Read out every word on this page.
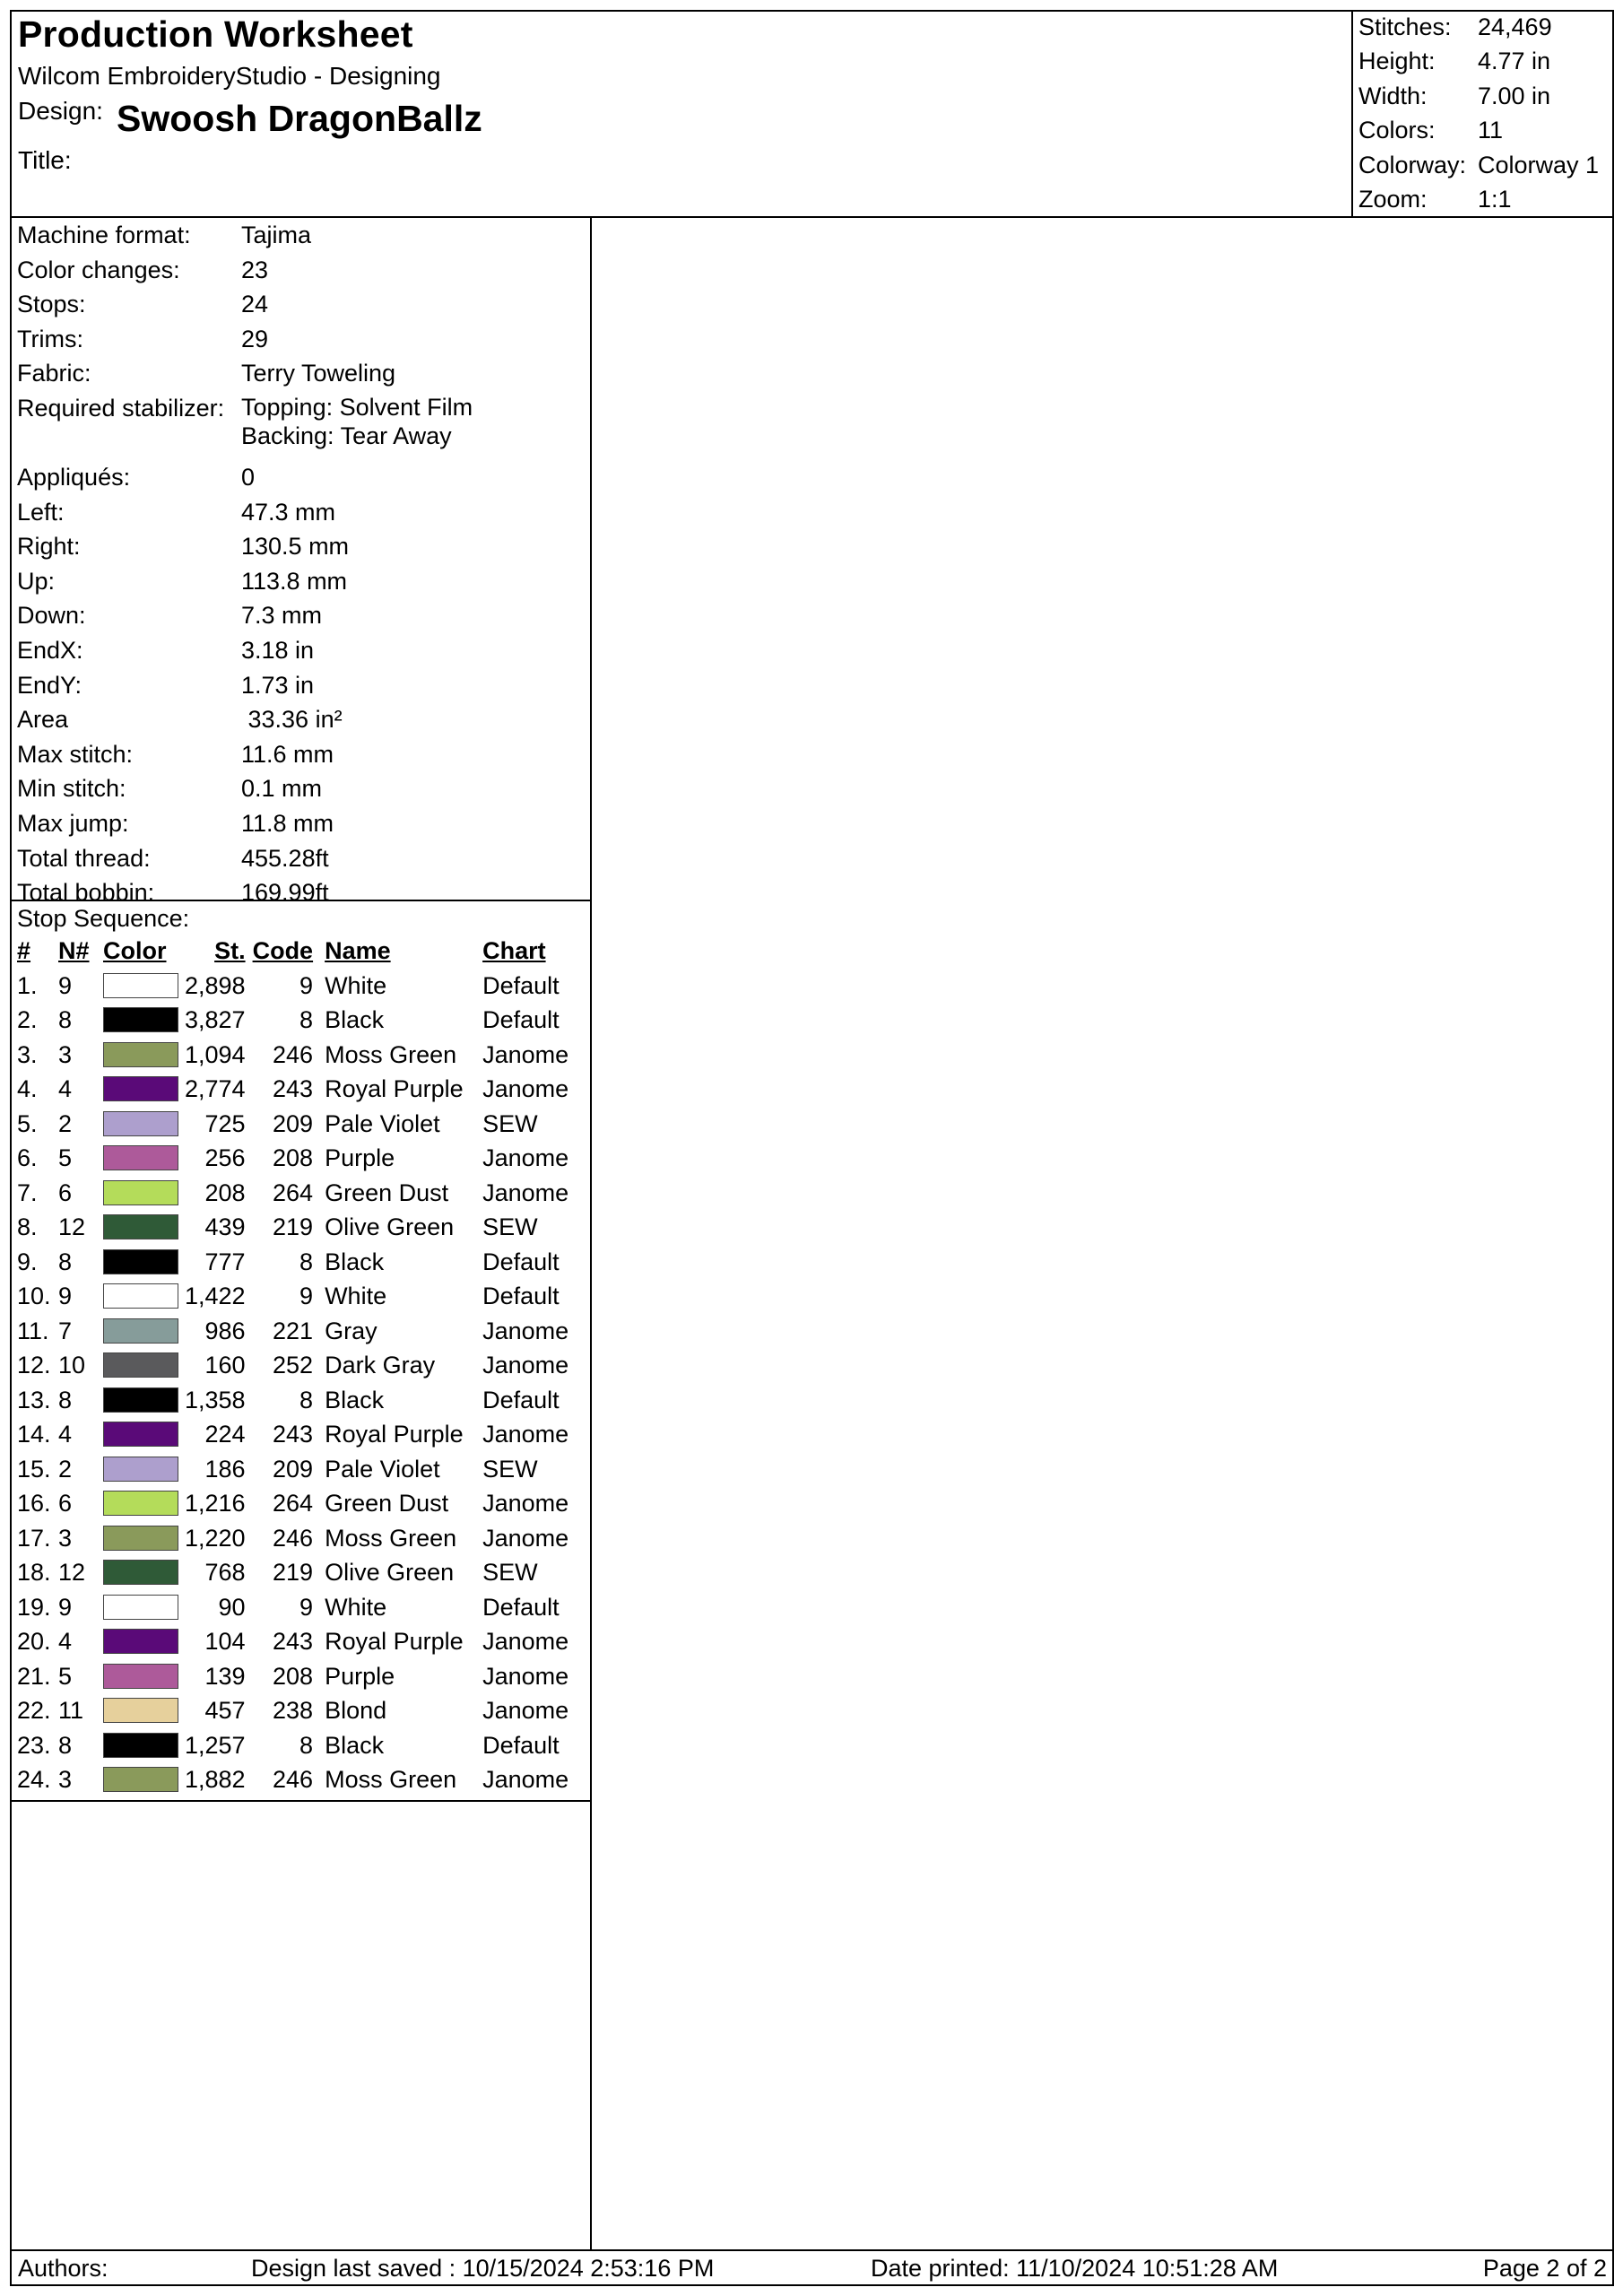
Production Worksheet
Wilcom EmbroideryStudio - Designing
Design: Swoosh DragonBallz
Title:
Stitches:	24,469
Height:	4.77 in
Width:	7.00 in
Colors:	11
Colorway: Colorway 1
Zoom:	1:1
Machine format:	Tajima
Color changes:	23
Stops:	24
Trims:	29
Fabric:	Terry Toweling
Required stabilizer: Topping: Solvent Film
Backing: Tear Away
Appliqués:	0
Left:	47.3 mm
Right:	130.5 mm
Up:	113.8 mm
Down:	7.3 mm
EndX:	3.18 in
EndY:	1.73 in
Area	33.36 in²
Max stitch:	11.6 mm
Min stitch:	0.1 mm
Max jump:	11.8 mm
Total thread:	455.28ft
Total bobbin:	169.99ft
Stop Sequence:
#	N#	Color	St.	Code	Name	Chart
1.	9		2,898	9	White	Default
2.	8		3,827	8	Black	Default
3.	3		1,094	246	Moss Green	Janome
4.	4		2,774	243	Royal Purple	Janome
5.	2		725	209	Pale Violet	SEW
6.	5		256	208	Purple	Janome
7.	6		208	264	Green Dust	Janome
8.	12		439	219	Olive Green	SEW
9.	8		777	8	Black	Default
10.	9		1,422	9	White	Default
11.	7		986	221	Gray	Janome
12.	10		160	252	Dark Gray	Janome
13.	8		1,358	8	Black	Default
14.	4		224	243	Royal Purple	Janome
15.	2		186	209	Pale Violet	SEW
16.	6		1,216	264	Green Dust	Janome
17.	3		1,220	246	Moss Green	Janome
18.	12		768	219	Olive Green	SEW
19.	9		90	9	White	Default
20.	4		104	243	Royal Purple	Janome
21.	5		139	208	Purple	Janome
22.	11		457	238	Blond	Janome
23.	8		1,257	8	Black	Default
24.	3		1,882	246	Moss Green	Janome
Authors:	Design last saved : 10/15/2024 2:53:16 PM	Date printed: 11/10/2024 10:51:28 AM	Page 2 of 2
